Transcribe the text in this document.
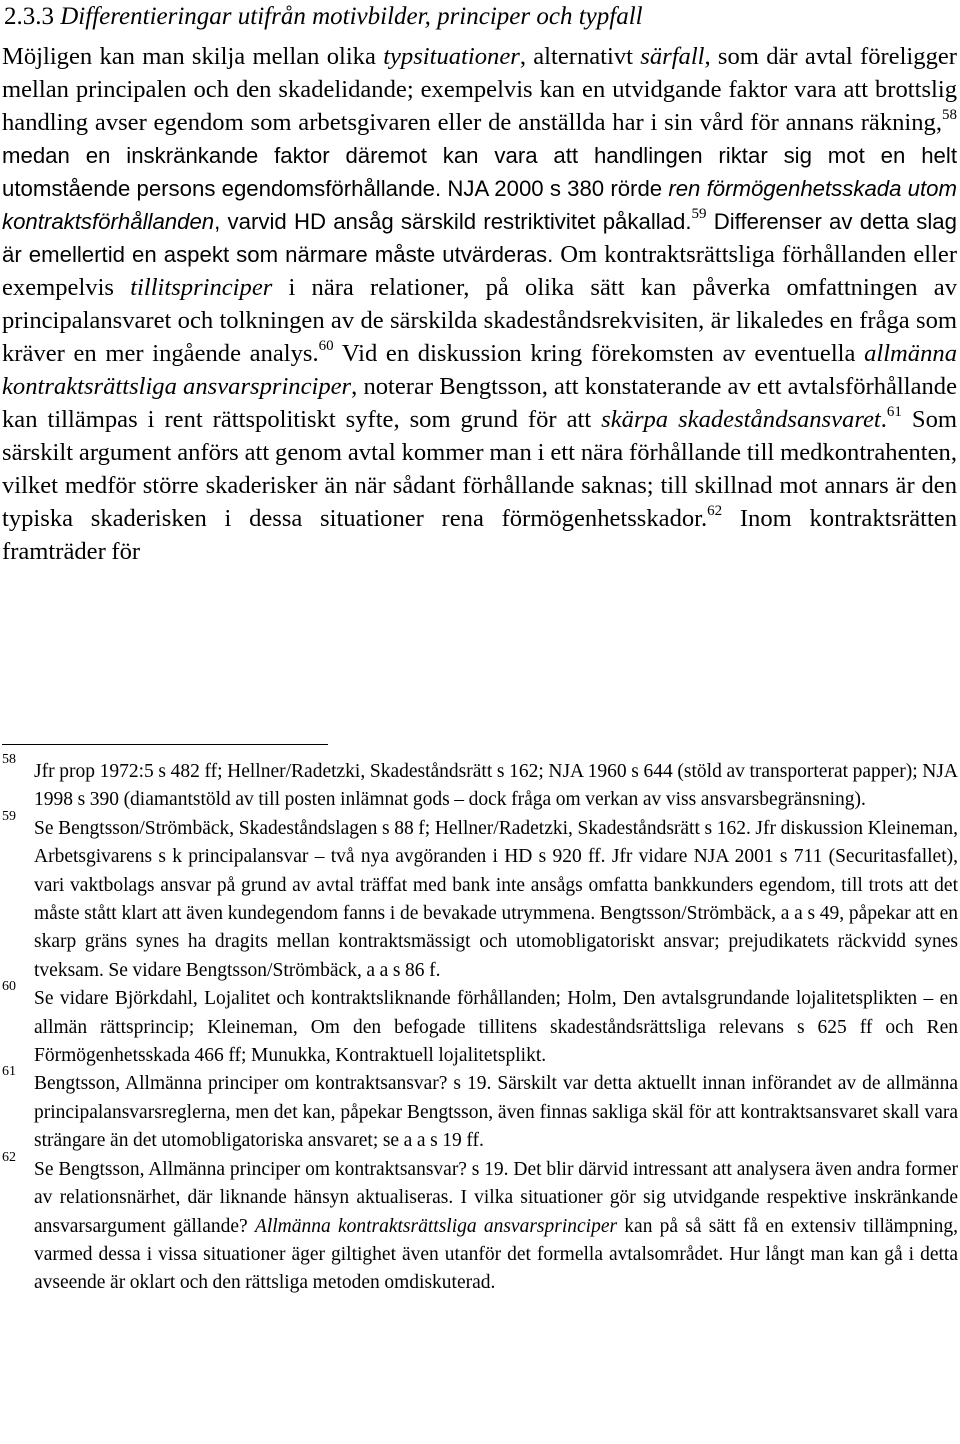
2.3.3 Differentieringar utifrån motivbilder, principer och typfall
Möjligen kan man skilja mellan olika typsituationer, alternativt särfall, som där avtal föreligger mellan principalen och den skadelidande; exempelvis kan en utvidgande faktor vara att brottslig handling avser egendom som arbetsgivaren eller de anställda har i sin vård för annans räkning,$^{58}$ medan en inskränkande faktor däremot kan vara att handlingen riktar sig mot en helt utomstående persons egendomsförhållande. NJA 2000 s 380 rörde ren förmögenhetsskada utom kontraktsförhållanden, varvid HD ansåg särskild restriktivitet påkallad.$^{59}$ Differenser av detta slag är emellertid en aspekt som närmare måste utvärderas. Om kontraktsrättsliga förhållanden eller exempelvis tillitsprinciper i nära relationer, på olika sätt kan påverka omfattningen av principalansvaret och tolkningen av de särskilda skadeståndsrekvisiten, är likaledes en fråga som kräver en mer ingående analys.$^{60}$ Vid en diskussion kring förekomsten av eventuella allmänna kontraktsrättsliga ansvarsprinciper, noterar Bengtsson, att konstaterande av ett avtalsförhållande kan tillämpas i rent rättspolitiskt syfte, som grund för att skärpa skadeståndsansvaret.$^{61}$ Som särskilt argument anförs att genom avtal kommer man i ett nära förhållande till medkontrahenten, vilket medför större skaderisker än när sådant förhållande saknas; till skillnad mot annars är den typiska skaderisken i dessa situationer rena förmögenhetsskador.$^{62}$ Inom kontraktsrätten framträder för
58
Jfr prop 1972:5 s 482 ff; Hellner/Radetzki, Skadeståndsrätt s 162; NJA 1960 s 644 (stöld av transporterat papper); NJA 1998 s 390 (diamantstöld av till posten inlämnat gods – dock fråga om verkan av viss ansvarsbegränsning).
59
Se Bengtsson/Strömbäck, Skadeståndslagen s 88 f; Hellner/Radetzki, Skadeståndsrätt s 162. Jfr diskussion Kleineman, Arbetsgivarens s k principalansvar – två nya avgöranden i HD s 920 ff. Jfr vidare NJA 2001 s 711 (Securitasfallet), vari vaktbolags ansvar på grund av avtal träffat med bank inte ansågs omfatta bankkunders egendom, till trots att det måste stått klart att även kundegendom fanns i de bevakade utrymmena. Bengtsson/Strömbäck, a a s 49, påpekar att en skarp gräns synes ha dragits mellan kontraktsmässigt och utomobligatoriskt ansvar; prejudikatets räckvidd synes tveksam. Se vidare Bengtsson/Strömbäck, a a s 86 f.
60
Se vidare Björkdahl, Lojalitet och kontraktsliknande förhållanden; Holm, Den avtalsgrundande lojalitetsplikten – en allmän rättsprincip; Kleineman, Om den befogade tillitens skadeståndsrättsliga relevans s 625 ff och Ren Förmögenhetsskada 466 ff; Munukka, Kontraktuell lojalitetsplikt.
61
Bengtsson, Allmänna principer om kontraktsansvar? s 19. Särskilt var detta aktuellt innan införandet av de allmänna principalansvarsreglerna, men det kan, påpekar Bengtsson, även finnas sakliga skäl för att kontraktsansvaret skall vara strängare än det utomobligatoriska ansvaret; se a a s 19 ff.
62
Se Bengtsson, Allmänna principer om kontraktsansvar? s 19. Det blir därvid intressant att analysera även andra former av relationsnärhet, där liknande hänsyn aktualiseras. I vilka situationer gör sig utvidgande respektive inskränkande ansvarsargument gällande? Allmänna kontraktsrättsliga ansvarsprinciper kan på så sätt få en extensiv tillämpning, varmed dessa i vissa situationer äger giltighet även utanför det formella avtalsområdet. Hur långt man kan gå i detta avseende är oklart och den rättsliga metoden omdiskuterad.
